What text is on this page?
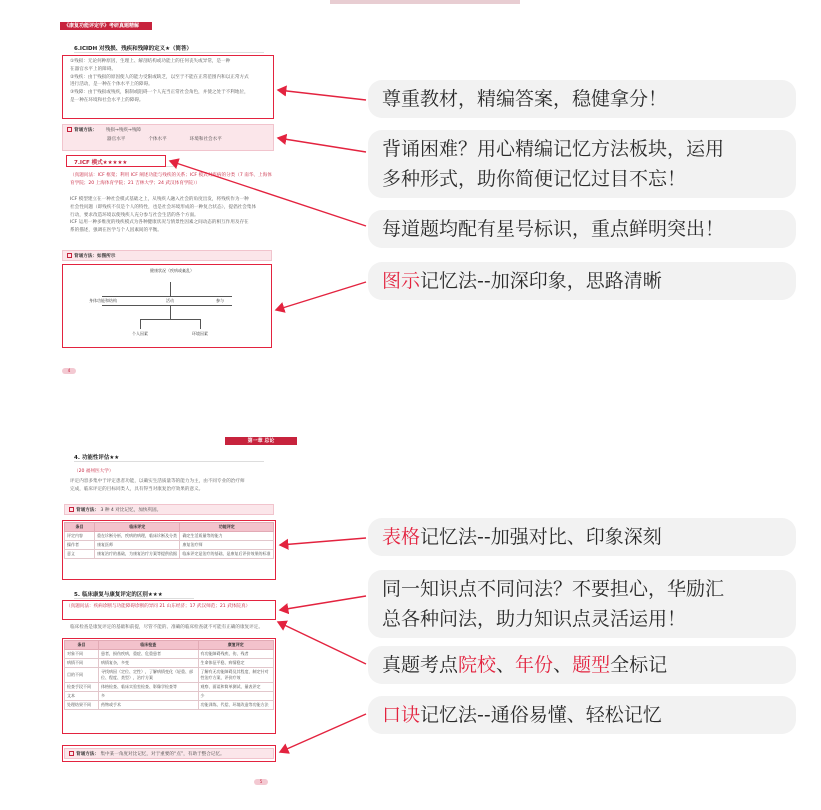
《康复功能评定学》考研真题精解
6.ICIDH 对残损、残疾和残障的定义★（简答）
①残损：无论何种原因，生理上、解剖结构或功能上的任何丧失或异常，是一种
在器官水平上的障碍。
②残疾：由于残损的原因使人的能力受限或缺乏，以至于不能在正常范围内和以正常方式
进行活动，是一种在个体水平上的障碍。
③残障：由于残损或残疾，限制或阻碍一个人充当正常社会角色，并使之处于不利地位，
是一种在环境和社会水平上的障碍。
背诵方法： 残损→残疾→残障
器官水平	个体水平	环境和社会水平
7.ICF 模式★★★★★
（真题问法：ICF 框架；利用 ICF 阐述功能与残疾的关系；ICF 模式对疾病的分类（7 南华、上海体育学院；20 上海体育学院；21 吉林大学；24 武汉体育学院））
ICF 模型建立在一种社会模式基础之上，从残疾人融入社会的角度出发，将残疾作为一种
社会性问题（即残疾不仅是个人的特性，也是社会环境形成的一种复合状态），提倡社会集体
行动，要求改造环境以使残疾人充分参与社会生活的各个方面。
ICF 运用一种多维度的残疾模式为各种健康状况与情景性因素之间动态的相互作用及存在
系的描述，强调在医学与个人因素间的平衡。
背诵方法：如图所示
健康状况（疾病或紊乱）
身体功能和结构	活动	参与
个人因素	环境因素
4
第一章 总论
4. 功能性评估★★
（20 福州医大学）
评定内容多集中于评定患者功能，以确实生活质量等的能力为主，由不同专业的治疗师
完成，临床评定的目标同类人，具有得当对康复治疗效果的意义。
背诵方法： 3 种 4 对比记忆，加快巩固。
条目	临床评定	功能评定
评定内容	重在诊断分析，疾病的病理，临床诊断及分类	确定生活质量等的能力
操作者	康复医师	康复治疗师
意义	康复治疗的基础，为康复治疗方案等提供依据	临床评定是治疗的基础，是康复后评价效果的标准
5. 临床康复与康复评定的区别★★★
（真题问法：疾病诊断与功能障碍诊断的异同 21 山东经济；17 武汉师范；21 武体院真）
临床检查是康复评定的基础和前提，尽管不能的、准确的临床检查就不可能有正确的康复评定。
条目	临床检查	康复评定
对象不同	患者，损伤疾病，重症、危重患者	有功能障碍残疾、伤、残者
病情不同	病情复杂，多变	生命体征平稳，病情稳定
目的不同	寻找病因（定位、定性），了解病情变化（轻重、部位、程度、类型），治疗方案	了解有无功能障碍及其程度，制定针对性治疗方案，评价疗效
检查手段不同	体格检查、临床实验室检查、影像学检查等	观察、面谈和简单测试、量表评定
文本	多	少
处理结果不同	药物或手术	功能训练、代偿、环境改造等功能方法
背诵方法： 集中某一角度对比记忆，对于重要的“点”，有助于整合记忆。
5
尊重教材，精编答案，稳健拿分！
背诵困难？用心精编记忆方法板块，运用
多种形式，助你简便记忆过目不忘！
每道题均配有星号标识，重点鲜明突出！
图示记忆法--加深印象，思路清晰
表格记忆法--加强对比、印象深刻
同一知识点不同问法？不要担心，华励汇
总各种问法，助力知识点灵活运用！
真题考点院校、年份、题型全标记
口诀记忆法--通俗易懂、轻松记忆
